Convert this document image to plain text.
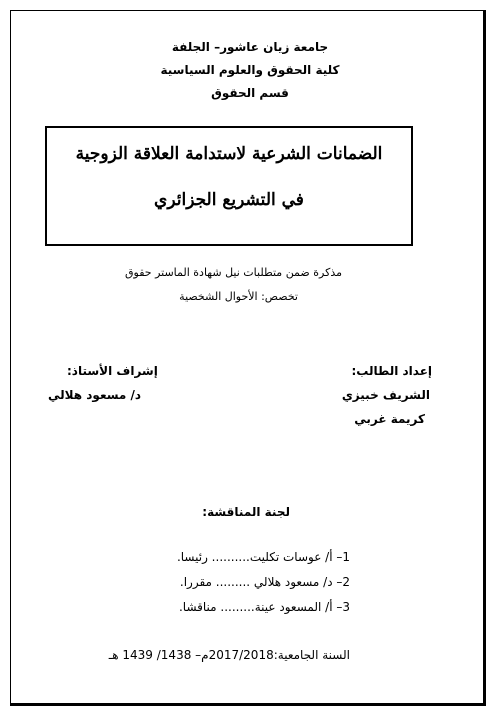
جامعة زيان عاشور– الجلفة
كلية الحقوق والعلوم السياسية
قسم الحقوق
الضمانات الشرعية لاستدامة العلاقة الزوجية
في التشريع الجزائري
مذكرة ضمن متطلبات نيل شهادة الماستر حقوق
تخصص: الأحوال الشخصية
إعداد الطالب:
الشريف خبيزي
كريمة غربي
إشراف الأستاذ:
د/ مسعود هلالي
لجنة المناقشة:
1– أ/ عوسات تكليت.......... رئيسا.
2– د/ مسعود هلالي ......... مقررا.
3– أ/ المسعود عينة......... مناقشا.
السنة الجامعية:2017/2018م– 1438/ 1439 هـ
